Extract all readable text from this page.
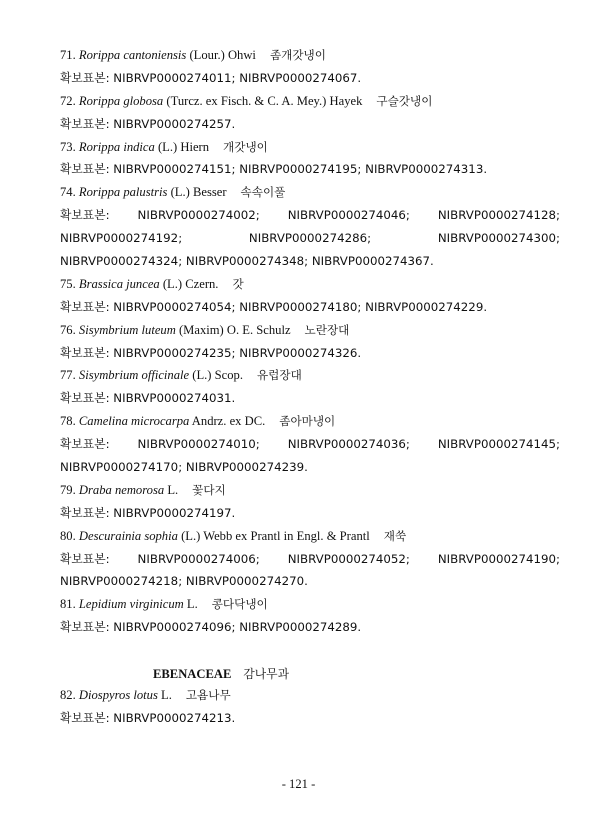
71. Rorippa cantoniensis (Lour.) Ohwi 좀개갓냉이
확보표본: NIBRVP0000274011; NIBRVP0000274067.
72. Rorippa globosa (Turcz. ex Fisch. & C. A. Mey.) Hayek 구슬갓냉이
확보표본: NIBRVP0000274257.
73. Rorippa indica (L.) Hiern 개갓냉이
확보표본: NIBRVP0000274151; NIBRVP0000274195; NIBRVP0000274313.
74. Rorippa palustris (L.) Besser 속속이풀
확보표본: NIBRVP0000274002; NIBRVP0000274046; NIBRVP0000274128;
NIBRVP0000274192; NIBRVP0000274286; NIBRVP0000274300;
NIBRVP0000274324; NIBRVP0000274348; NIBRVP0000274367.
75. Brassica juncea (L.) Czern. 갓
확보표본: NIBRVP0000274054; NIBRVP0000274180; NIBRVP0000274229.
76. Sisymbrium luteum (Maxim) O. E. Schulz 노란장대
확보표본: NIBRVP0000274235; NIBRVP0000274326.
77. Sisymbrium officinale (L.) Scop. 유럽장대
확보표본: NIBRVP0000274031.
78. Camelina microcarpa Andrz. ex DC. 좀아마냉이
확보표본: NIBRVP0000274010; NIBRVP0000274036; NIBRVP0000274145;
NIBRVP0000274170; NIBRVP0000274239.
79. Draba nemorosa L. 꽃다지
확보표본: NIBRVP0000274197.
80. Descurainia sophia (L.) Webb ex Prantl in Engl. & Prantl 재쑥
확보표본: NIBRVP0000274006; NIBRVP0000274052; NIBRVP0000274190;
NIBRVP0000274218; NIBRVP0000274270.
81. Lepidium virginicum L. 콩다닥냉이
확보표본: NIBRVP0000274096; NIBRVP0000274289.
EBENACEAE 감나무과
82. Diospyros lotus L. 고욤나무
확보표본: NIBRVP0000274213.
- 121 -
